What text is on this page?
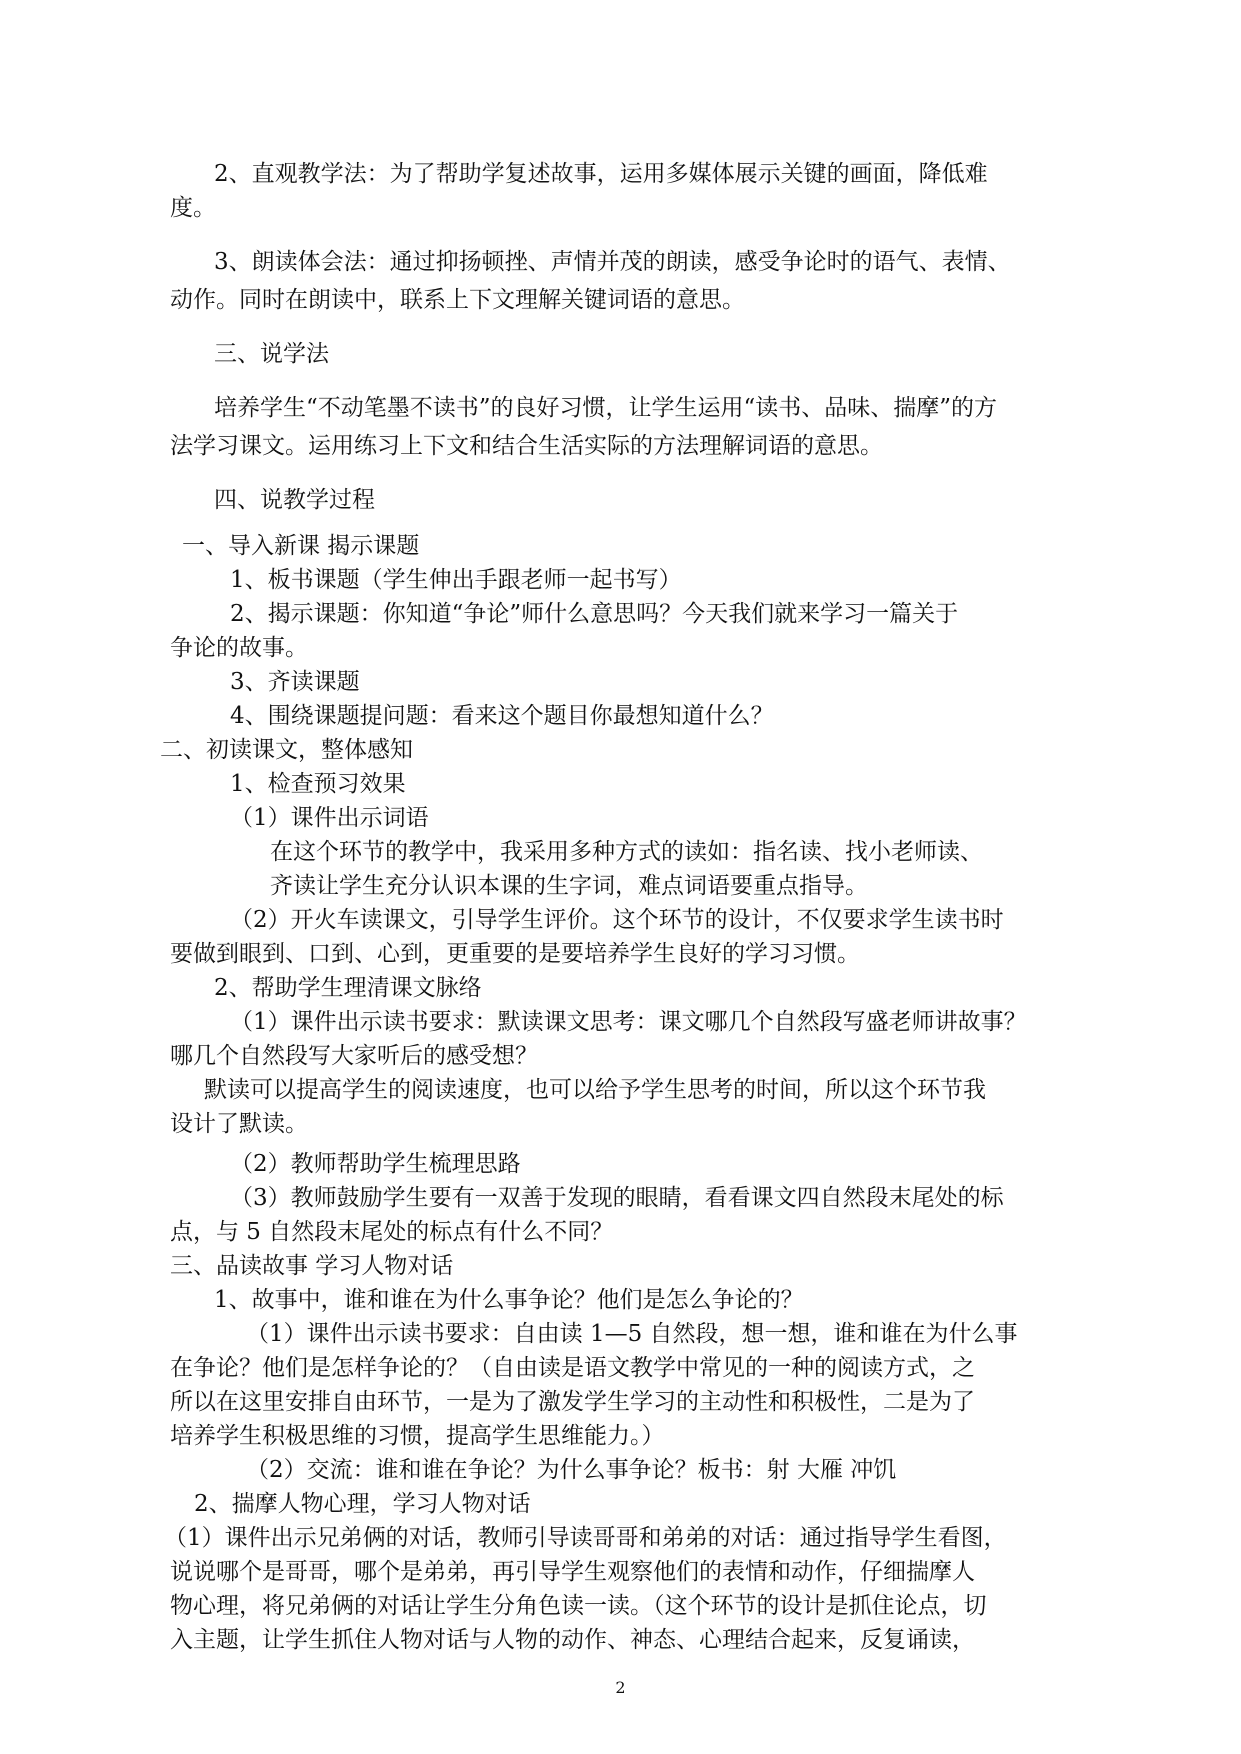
2、直观教学法：为了帮助学复述故事，运用多媒体展示关键的画面，降低难
度。
3、朗读体会法：通过抑扬顿挫、声情并茂的朗读，感受争论时的语气、表情、
动作。同时在朗读中，联系上下文理解关键词语的意思。
三、说学法
培养学生“不动笔墨不读书”的良好习惯，让学生运用“读书、品味、揣摩”的方
法学习课文。运用练习上下文和结合生活实际的方法理解词语的意思。
四、说教学过程
一、导入新课 揭示课题
1、板书课题（学生伸出手跟老师一起书写）
2、揭示课题：你知道“争论”师什么意思吗？今天我们就来学习一篇关于
争论的故事。
3、齐读课题
4、围绕课题提问题：看来这个题目你最想知道什么？
二、初读课文，整体感知
1、检查预习效果
（1）课件出示词语
在这个环节的教学中，我采用多种方式的读如：指名读、找小老师读、
齐读让学生充分认识本课的生字词，难点词语要重点指导。
（2）开火车读课文，引导学生评价。这个环节的设计，不仅要求学生读书时
要做到眼到、口到、心到，更重要的是要培养学生良好的学习习惯。
2、帮助学生理清课文脉络
（1）课件出示读书要求：默读课文思考：课文哪几个自然段写盛老师讲故事？
哪几个自然段写大家听后的感受想？
默读可以提高学生的阅读速度，也可以给予学生思考的时间，所以这个环节我
设计了默读。
（2）教师帮助学生梳理思路
（3）教师鼓励学生要有一双善于发现的眼睛，看看课文四自然段末尾处的标
点，与 5 自然段末尾处的标点有什么不同？
三、品读故事 学习人物对话
1、故事中，谁和谁在为什么事争论？他们是怎么争论的？
（1）课件出示读书要求：自由读 1—5 自然段，想一想，谁和谁在为什么事
在争论？他们是怎样争论的？（自由读是语文教学中常见的一种的阅读方式，之
所以在这里安排自由环节，一是为了激发学生学习的主动性和积极性，二是为了
培养学生积极思维的习惯，提高学生思维能力。）
（2）交流：谁和谁在争论？为什么事争论？板书：射 大雁 冲饥
2、揣摩人物心理，学习人物对话
（1）课件出示兄弟俩的对话，教师引导读哥哥和弟弟的对话：通过指导学生看图，
说说哪个是哥哥，哪个是弟弟，再引导学生观察他们的表情和动作，仔细揣摩人
物心理，将兄弟俩的对话让学生分角色读一读。（这个环节的设计是抓住论点，切
入主题，让学生抓住人物对话与人物的动作、神态、心理结合起来，反复诵读，
2
